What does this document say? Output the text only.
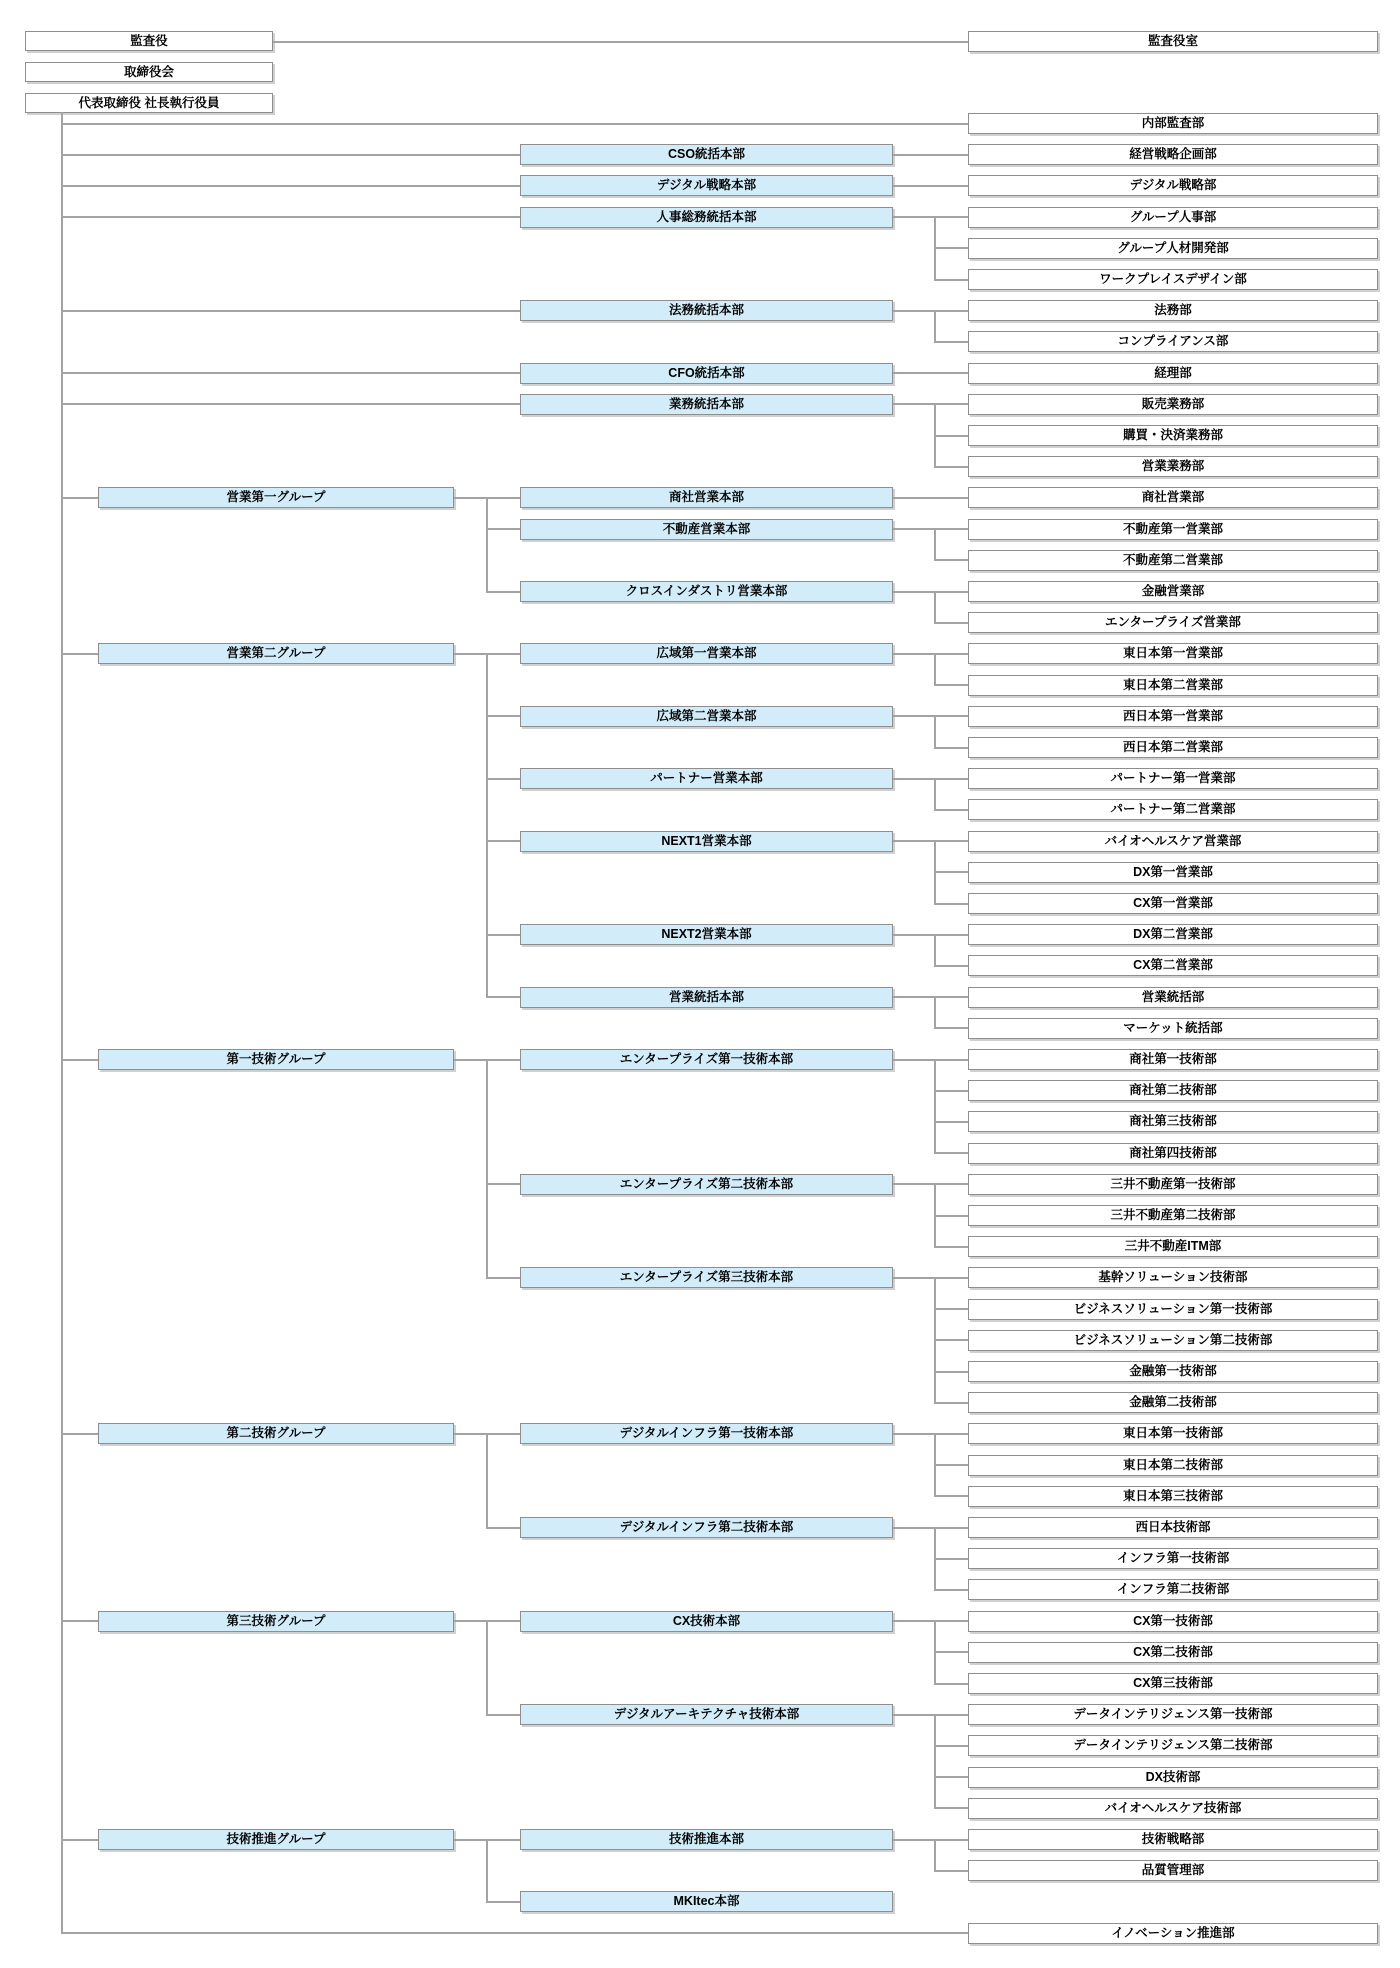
監査役
取締役会
代表取締役 社長執行役員
監査役室
内部監査部
経営戦略企画部
CSO統括本部
デジタル戦略部
デジタル戦略本部
グループ人事部
グループ人材開発部
ワークプレイスデザイン部
人事総務統括本部
法務部
コンプライアンス部
法務統括本部
経理部
CFO統括本部
販売業務部
購買・決済業務部
営業業務部
業務統括本部
商社営業部
商社営業本部
不動産第一営業部
不動産第二営業部
不動産営業本部
金融営業部
エンタープライズ営業部
クロスインダストリ営業本部
営業第一グループ
東日本第一営業部
東日本第二営業部
広域第一営業本部
西日本第一営業部
西日本第二営業部
広域第二営業本部
パートナー第一営業部
パートナー第二営業部
パートナー営業本部
バイオヘルスケア営業部
DX第一営業部
CX第一営業部
NEXT1営業本部
DX第二営業部
CX第二営業部
NEXT2営業本部
営業統括部
マーケット統括部
営業統括本部
営業第二グループ
商社第一技術部
商社第二技術部
商社第三技術部
商社第四技術部
エンタープライズ第一技術本部
三井不動産第一技術部
三井不動産第二技術部
三井不動産ITM部
エンタープライズ第二技術本部
基幹ソリューション技術部
ビジネスソリューション第一技術部
ビジネスソリューション第二技術部
金融第一技術部
金融第二技術部
エンタープライズ第三技術本部
第一技術グループ
東日本第一技術部
東日本第二技術部
東日本第三技術部
デジタルインフラ第一技術本部
西日本技術部
インフラ第一技術部
インフラ第二技術部
デジタルインフラ第二技術本部
第二技術グループ
CX第一技術部
CX第二技術部
CX第三技術部
CX技術本部
データインテリジェンス第一技術部
データインテリジェンス第二技術部
DX技術部
バイオヘルスケア技術部
デジタルアーキテクチャ技術本部
第三技術グループ
技術戦略部
品質管理部
技術推進本部
MKItec本部
技術推進グループ
イノベーション推進部
